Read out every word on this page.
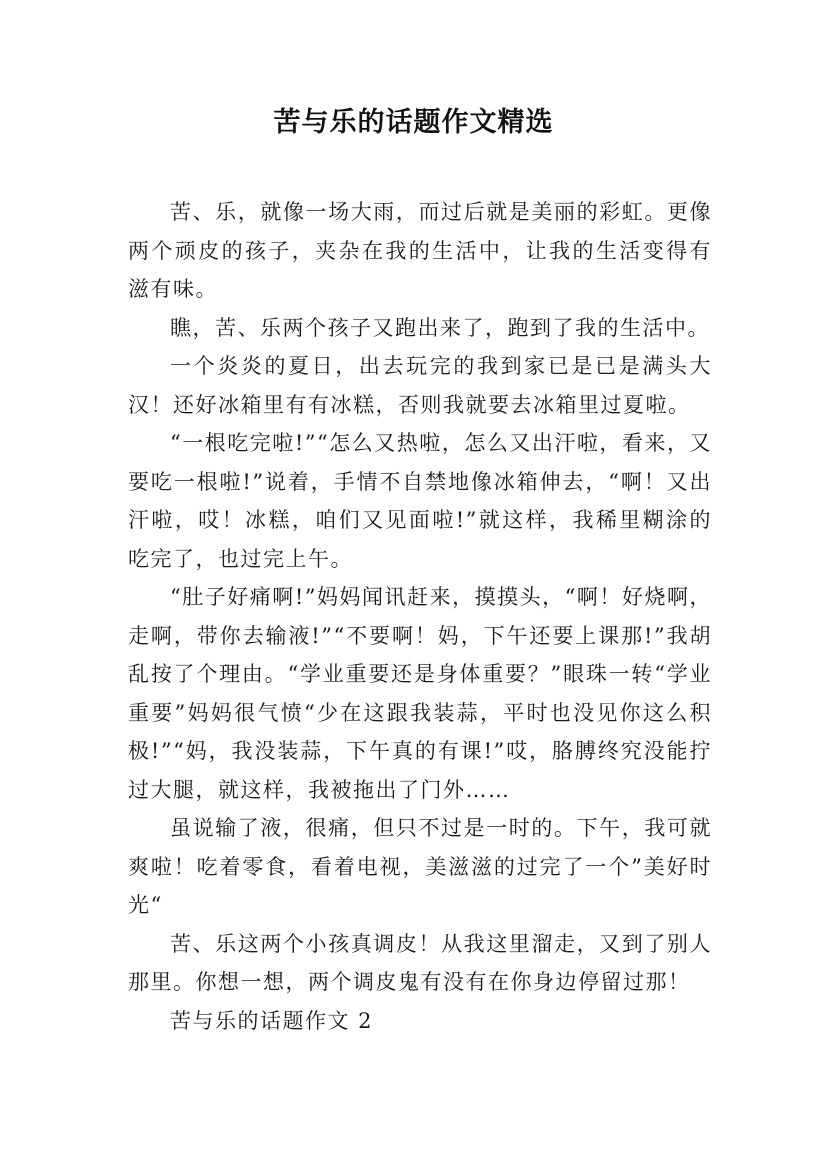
苦与乐的话题作文精选

苦、乐，就像一场大雨，而过后就是美丽的彩虹。更像两个顽皮的孩子，夹杂在我的生活中，让我的生活变得有滋有味。

瞧，苦、乐两个孩子又跑出来了，跑到了我的生活中。

一个炎炎的夏日，出去玩完的我到家已是已是满头大汉！还好冰箱里有有冰糕，否则我就要去冰箱里过夏啦。

“一根吃完啦!”“怎么又热啦，怎么又出汗啦，看来，又要吃一根啦!”说着，手情不自禁地像冰箱伸去，“啊！又出汗啦，哎！冰糕，咱们又见面啦!”就这样，我稀里糊涂的吃完了，也过完上午。

“肚子好痛啊!”妈妈闻讯赶来，摸摸头，“啊！好烧啊，走啊，带你去输液!”“不要啊！妈，下午还要上课那!”我胡乱按了个理由。“学业重要还是身体重要？”眼珠一转“学业重要”妈妈很气愤“少在这跟我装蒜，平时也没见你这么积极!”“妈，我没装蒜，下午真的有课!”哎，胳膊终究没能拧过大腿，就这样，我被拖出了门外……

虽说输了液，很痛，但只不过是一时的。下午，我可就爽啦！吃着零食，看着电视，美滋滋的过完了一个”美好时光“

苦、乐这两个小孩真调皮！从我这里溜走，又到了别人那里。你想一想，两个调皮鬼有没有在你身边停留过那！

苦与乐的话题作文 2
